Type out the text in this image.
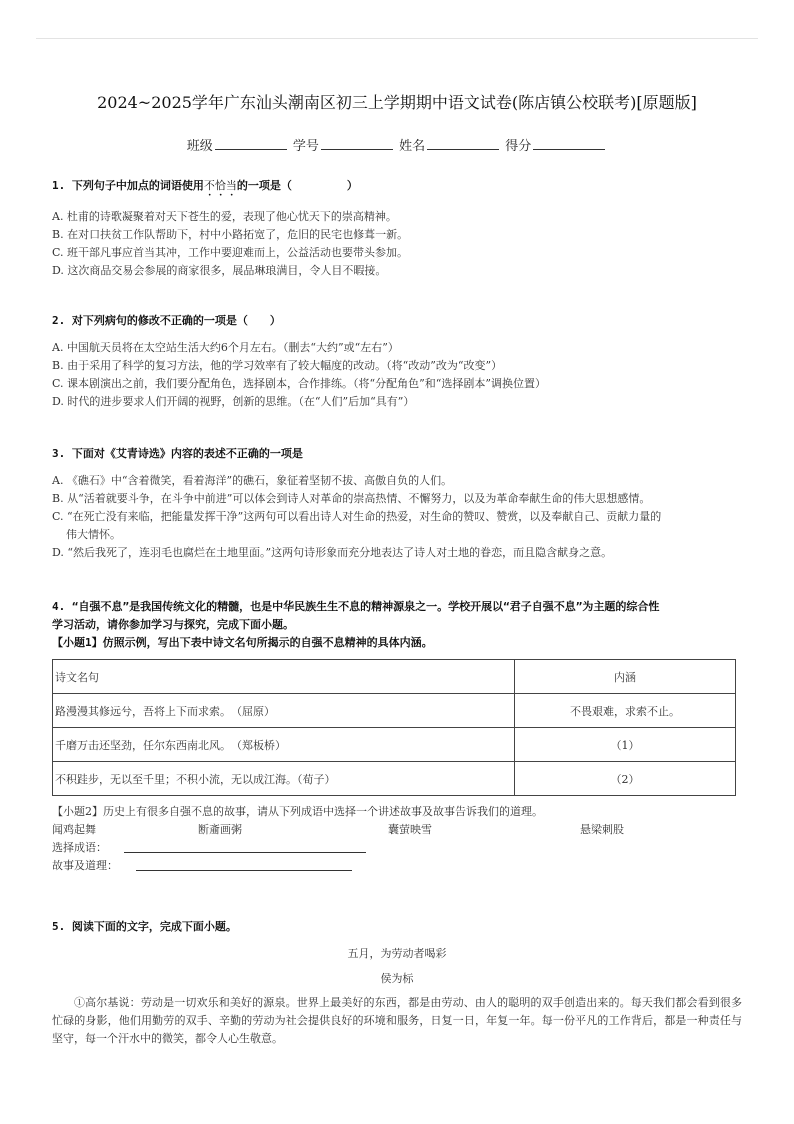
2024~2025学年广东汕头潮南区初三上学期期中语文试卷(陈店镇公校联考)[原题版]
班级	学号	姓名	得分
1. 下列句子中加点的词语使用不恰当的一项是（　　　　　）
A. 杜甫的诗歌凝聚着对天下苍生的爱，表现了他心忧天下的崇高精神。
B. 在对口扶贫工作队帮助下，村中小路拓宽了，危旧的民宅也修葺一新。
C. 班干部凡事应首当其冲，工作中要迎难而上，公益活动也要带头参加。
D. 这次商品交易会参展的商家很多，展品琳琅满目，令人目不暇接。
2. 对下列病句的修改不正确的一项是（　　）
A. 中国航天员将在太空站生活大约6个月左右。（删去“大约”或“左右”）
B. 由于采用了科学的复习方法，他的学习效率有了较大幅度的改动。（将“改动”改为“改变”）
C. 课本剧演出之前，我们要分配角色，选择剧本，合作排练。（将“分配角色”和“选择剧本”调换位置）
D. 时代的进步要求人们开阔的视野，创新的思维。（在“人们”后加“具有”）
3. 下面对《艾青诗选》内容的表述不正确的一项是
A. 《礁石》中“含着微笑，看着海洋”的礁石，象征着坚韧不拔、高傲自负的人们。
B. 从“活着就要斗争，在斗争中前进”可以体会到诗人对革命的崇高热情、不懈努力，以及为革命奉献生命的伟大思想感情。
C. “在死亡没有来临，把能量发挥干净”这两句可以看出诗人对生命的热爱，对生命的赞叹、赞赏，以及奉献自己、贡献力量的
伟大情怀。
D. “然后我死了，连羽毛也腐烂在土地里面。”这两句诗形象而充分地表达了诗人对土地的眷恋，而且隐含献身之意。
4. “自强不息”是我国传统文化的精髓，也是中华民族生生不息的精神源泉之一。学校开展以“君子自强不息”为主题的综合性
学习活动，请你参加学习与探究，完成下面小题。
【小题1】仿照示例，写出下表中诗文名句所揭示的自强不息精神的具体内涵。
诗文名句	内涵
路漫漫其修远兮，吾将上下而求索。　（屈原）	不畏艰难，求索不止。
千磨万击还坚劲，任尔东西南北风。　（郑板桥）	（1）
不积跬步，无以至千里；不积小流，无以成江海。（荀子）	（2）
【小题2】历史上有很多自强不息的故事，请从下列成语中选择一个讲述故事及故事告诉我们的道理。
闻鸡起舞	断齑画粥	囊萤映雪	悬梁刺股
选择成语：
故事及道理：
5. 阅读下面的文字，完成下面小题。
五月，为劳动者喝彩
侯为标
①高尔基说：劳动是一切欢乐和美好的源泉。世界上最美好的东西，都是由劳动、由人的聪明的双手创造出来的。每天我们都会看到很多忙碌的身影，他们用勤劳的双手、辛勤的劳动为社会提供良好的环境和服务，日复一日，年复一年。每一份平凡的工作背后，都是一种责任与坚守，每一个汗水中的微笑，都令人心生敬意。
